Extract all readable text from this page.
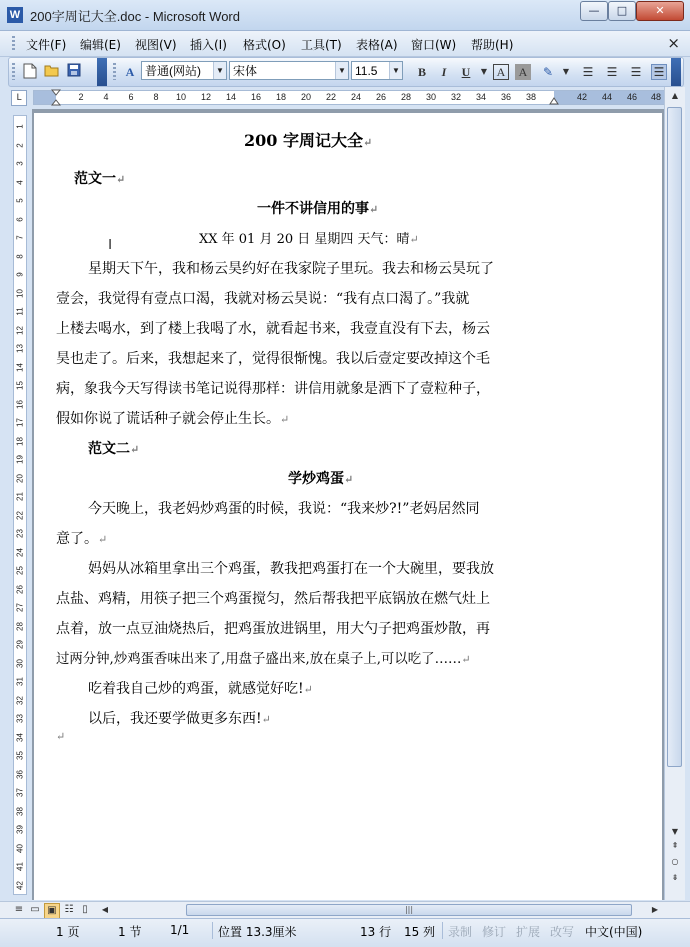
W 200字周记大全.doc - Microsoft Word	—	□	✕
文件(F) 编辑(E) 视图(V) 插入(I) 格式(O) 工具(T) 表格(A) 窗口(W) 帮助(H)	×
A 普通(网站)	▼ 宋体	▼ 11.5	▼	B	I	U	▼ A	A	✎	▼	☰	☰	☰	☰
L	2	4	6	8	10	12	14	16	18	20	22	24	26	28	30	32	34	36	38	42	44	46	48
1
2
3
4
5
6
7
8
9
10
11
12
13
14
15
16
17
18
19
20
21
22
23
24
25
26
27
28
29
30
31
32
33
34
35
36
37
38
39
40
41
42
200 字周记大全↵
范文一↵
一件不讲信用的事↵
XX 年 01 月 20 日 星期四 天气：晴↵
星期天下午，我和杨云昊约好在我家院子里玩。我去和杨云昊玩了
壹会，我觉得有壹点口渴，我就对杨云昊说：“我有点口渴了。”我就
上楼去喝水，到了楼上我喝了水，就看起书来，我壹直没有下去，杨云
昊也走了。后来，我想起来了，觉得很惭愧。我以后壹定要改掉这个毛
病，象我今天写得读书笔记说得那样：讲信用就象是洒下了壹粒种子，
假如你说了谎话种子就会停止生长。↵
范文二↵
学炒鸡蛋↵
今天晚上，我老妈炒鸡蛋的时候，我说：“我来炒?!”老妈居然同
意了。↵
妈妈从冰箱里拿出三个鸡蛋，教我把鸡蛋打在一个大碗里，要我放
点盐、鸡精，用筷子把三个鸡蛋搅匀，然后帮我把平底锅放在燃气灶上
点着，放一点豆油烧热后，把鸡蛋放进锅里，用大勺子把鸡蛋炒散，再
过两分钟,炒鸡蛋香味出来了,用盘子盛出来,放在桌子上,可以吃了……↵
吃着我自己炒的鸡蛋，就感觉好吃!↵
以后，我还要学做更多东西!↵
↵
I
▲
▼
⇞
○
⇟
≡ ▭ ▣ ☷ ▯	◀	|||	▶
1 页	1 节 1/1 位置 13.3厘米	13 行 15 列 录制 修订 扩展 改写 中文(中国)
